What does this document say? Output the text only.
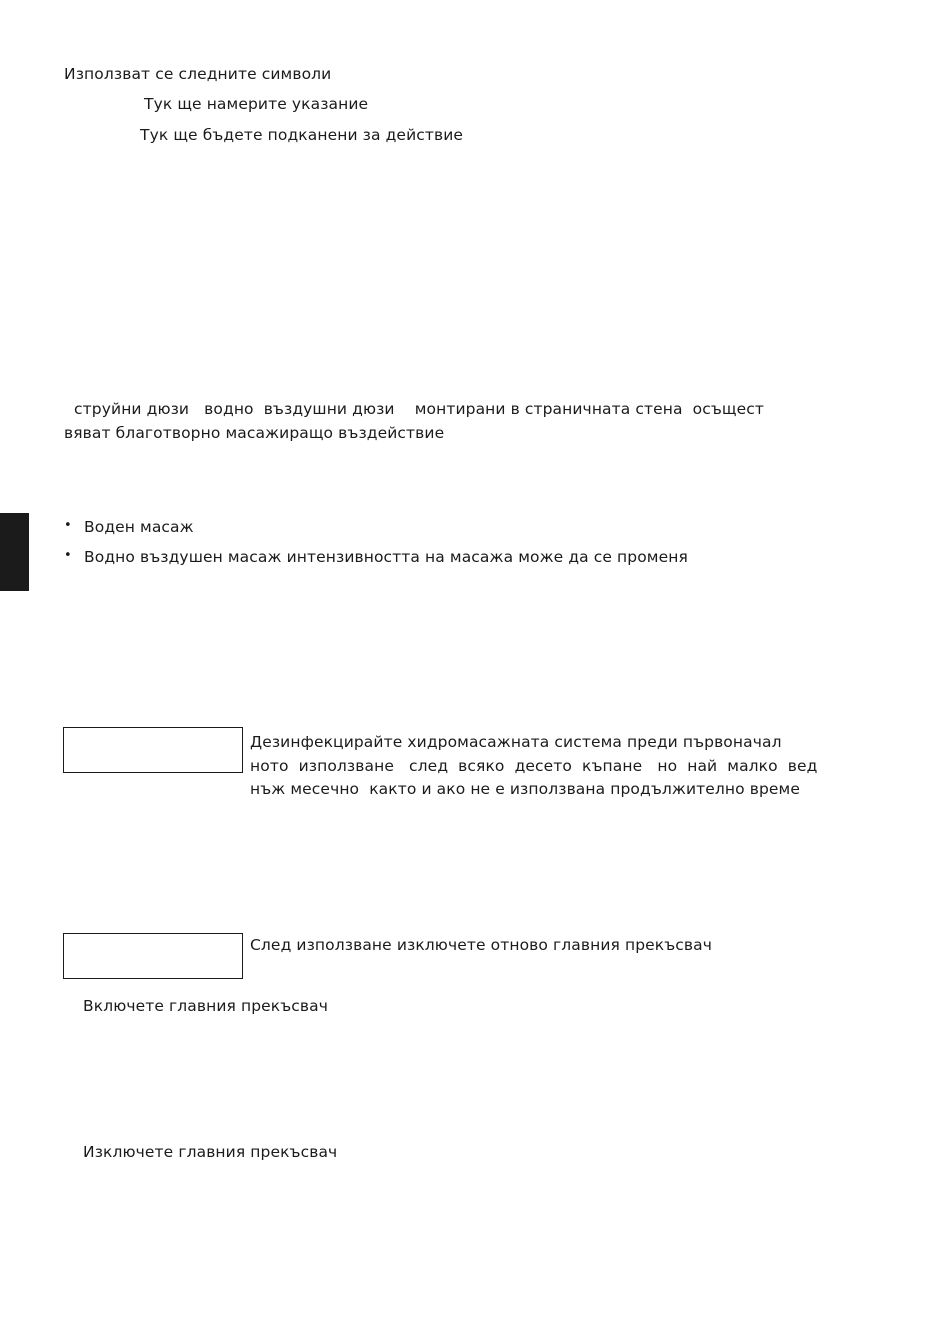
Използват се следните символи
Тук ще намерите указание
Тук ще бъдете подканени за действие
струйни дюзи   водно  въздушни дюзи    монтирани в страничната стена  осъщест
вяват благотворно масажиращо въздействие
• Воден масаж
• Водно въздушен масаж интензивността на масажа може да се променя
Дезинфекцирайте хидромасажната система преди първоначал
ното  използване   след  всяко  десето  къпане   но  най  малко  вед
нъж месечно  както и ако не е използвана продължително време
След използване изключете отново главния прекъсвач
Включете главния прекъсвач
Изключете главния прекъсвач
